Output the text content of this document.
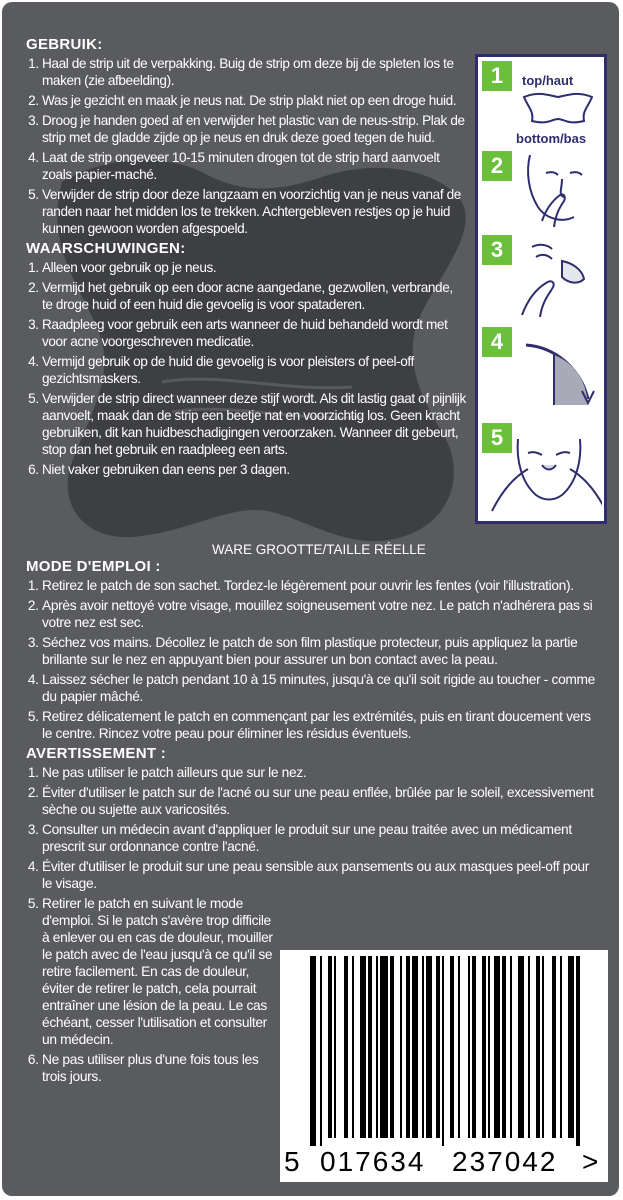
GEBRUIK:
1. Haal de strip uit de verpakking. Buig de strip om deze bij de spleten los te maken (zie afbeelding).
2. Was je gezicht en maak je neus nat. De strip plakt niet op een droge huid.
3. Droog je handen goed af en verwijder het plastic van de neus-strip. Plak de strip met de gladde zijde op je neus en druk deze goed tegen de huid.
4. Laat de strip ongeveer 10-15 minuten drogen tot de strip hard aanvoelt zoals papier-maché.
5. Verwijder de strip door deze langzaam en voorzichtig van je neus vanaf de randen naar het midden los te trekken. Achtergebleven restjes op je huid kunnen gewoon worden afgespoeld.
WAARSCHUWINGEN:
1. Alleen voor gebruik op je neus.
2. Vermijd het gebruik op een door acne aangedane, gezwollen, verbrande, te droge huid of een huid die gevoelig is voor spataderen.
3. Raadpleeg voor gebruik een arts wanneer de huid behandeld wordt met voor acne voorgeschreven medicatie.
4. Vermijd gebruik op de huid die gevoelig is voor pleisters of peel-off gezichtsmaskers.
5. Verwijder de strip direct wanneer deze stijf wordt. Als dit lastig gaat of pijnlijk aanvoelt, maak dan de strip een beetje nat en voorzichtig los. Geen kracht gebruiken, dit kan huidbeschadigingen veroorzaken. Wanneer dit gebeurt, stop dan het gebruik en raadpleeg een arts.
6. Niet vaker gebruiken dan eens per 3 dagen.
WARE GROOTTE/TAILLE RÉELLE
MODE D'EMPLOI :
1. Retirez le patch de son sachet. Tordez-le légèrement pour ouvrir les fentes (voir l'illustration).
2. Après avoir nettoyé votre visage, mouillez soigneusement votre nez. Le patch n'adhérera pas si votre nez est sec.
3. Séchez vos mains. Décollez le patch de son film plastique protecteur, puis appliquez la partie brillante sur le nez en appuyant bien pour assurer un bon contact avec la peau.
4. Laissez sécher le patch pendant 10 à 15 minutes, jusqu'à ce qu'il soit rigide au toucher - comme du papier mâché.
5. Retirez délicatement le patch en commençant par les extrémités, puis en tirant doucement vers le centre. Rincez votre peau pour éliminer les résidus éventuels.
AVERTISSEMENT :
1. Ne pas utiliser le patch ailleurs que sur le nez.
2. Éviter d'utiliser le patch sur de l'acné ou sur une peau enflée, brûlée par le soleil, excessivement sèche ou sujette aux varicosités.
3. Consulter un médecin avant d'appliquer le produit sur une peau traitée avec un médicament prescrit sur ordonnance contre l'acné.
4. Éviter d'utiliser le produit sur une peau sensible aux pansements ou aux masques peel-off pour le visage.
5. Retirer le patch en suivant le mode d'emploi. Si le patch s'avère trop difficile à enlever ou en cas de douleur, mouiller le patch avec de l'eau jusqu'à ce qu'il se retire facilement. En cas de douleur, éviter de retirer le patch, cela pourrait entraîner une lésion de la peau. Le cas échéant, cesser l'utilisation et consulter un médecin.
6. Ne pas utiliser plus d'une fois tous les trois jours.
1	top/haut
bottom/bas
2
3
4
5
5 017634 237042 >
